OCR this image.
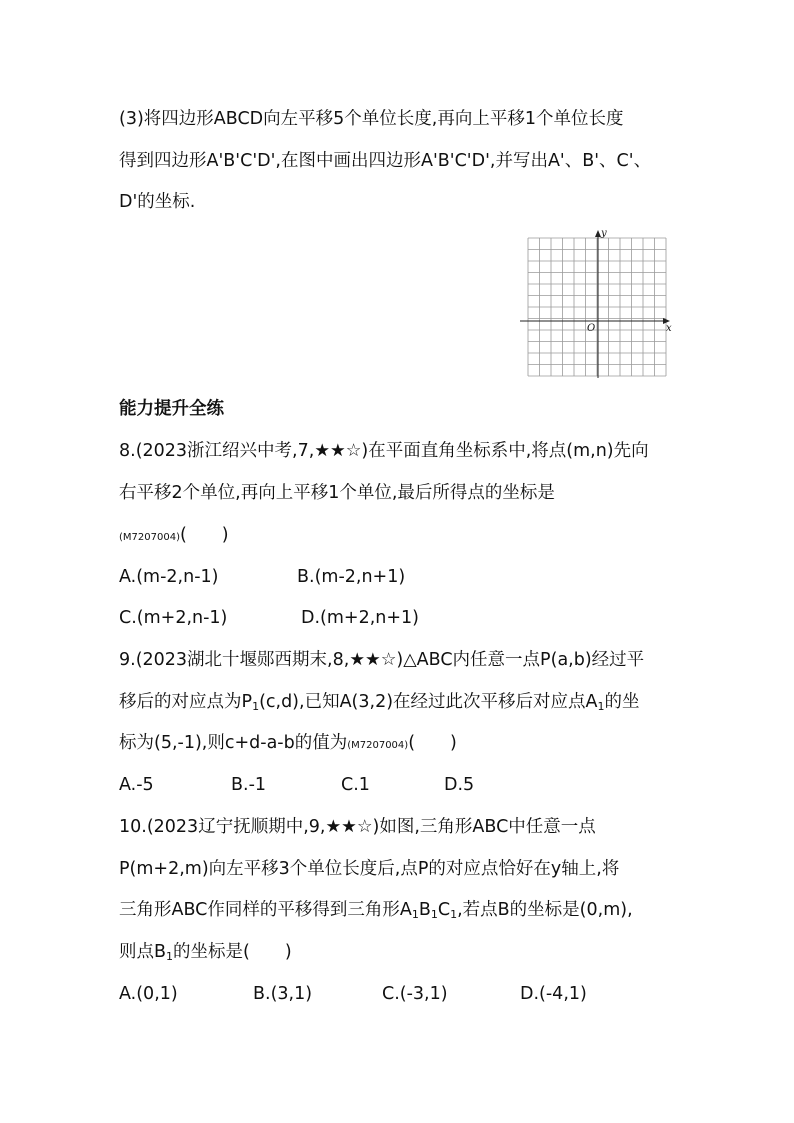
(3)将四边形ABCD向左平移5个单位长度,再向上平移1个单位长度
得到四边形A'B'C'D',在图中画出四边形A'B'C'D',并写出A'、B'、C'、
D'的坐标.
y
x
O
能力提升全练
8.(2023浙江绍兴中考,7,★★☆)在平面直角坐标系中,将点(m,n)先向
右平移2个单位,再向上平移1个单位,最后所得点的坐标是
(M7207004)(　　)
A.(m-2,n-1)	B.(m-2,n+1)
C.(m+2,n-1)	D.(m+2,n+1)
9.(2023湖北十堰郧西期末,8,★★☆)△ABC内任意一点P(a,b)经过平
移后的对应点为$P_1(c,d)$,已知A(3,2)在经过此次平移后对应点$A_1$的坐
标为(5,-1),则c+d-a-b的值为(M7207004)(　　)
A.-5	B.-1	C.1	D.5
10.(2023辽宁抚顺期中,9,★★☆)如图,三角形ABC中任意一点
P(m+2,m)向左平移3个单位长度后,点P的对应点恰好在y轴上,将
三角形ABC作同样的平移得到三角形$A_1B_1C_1$,若点B的坐标是(0,m),
则点$B_1$的坐标是(　　)
A.(0,1)	B.(3,1)	C.(-3,1)	D.(-4,1)
